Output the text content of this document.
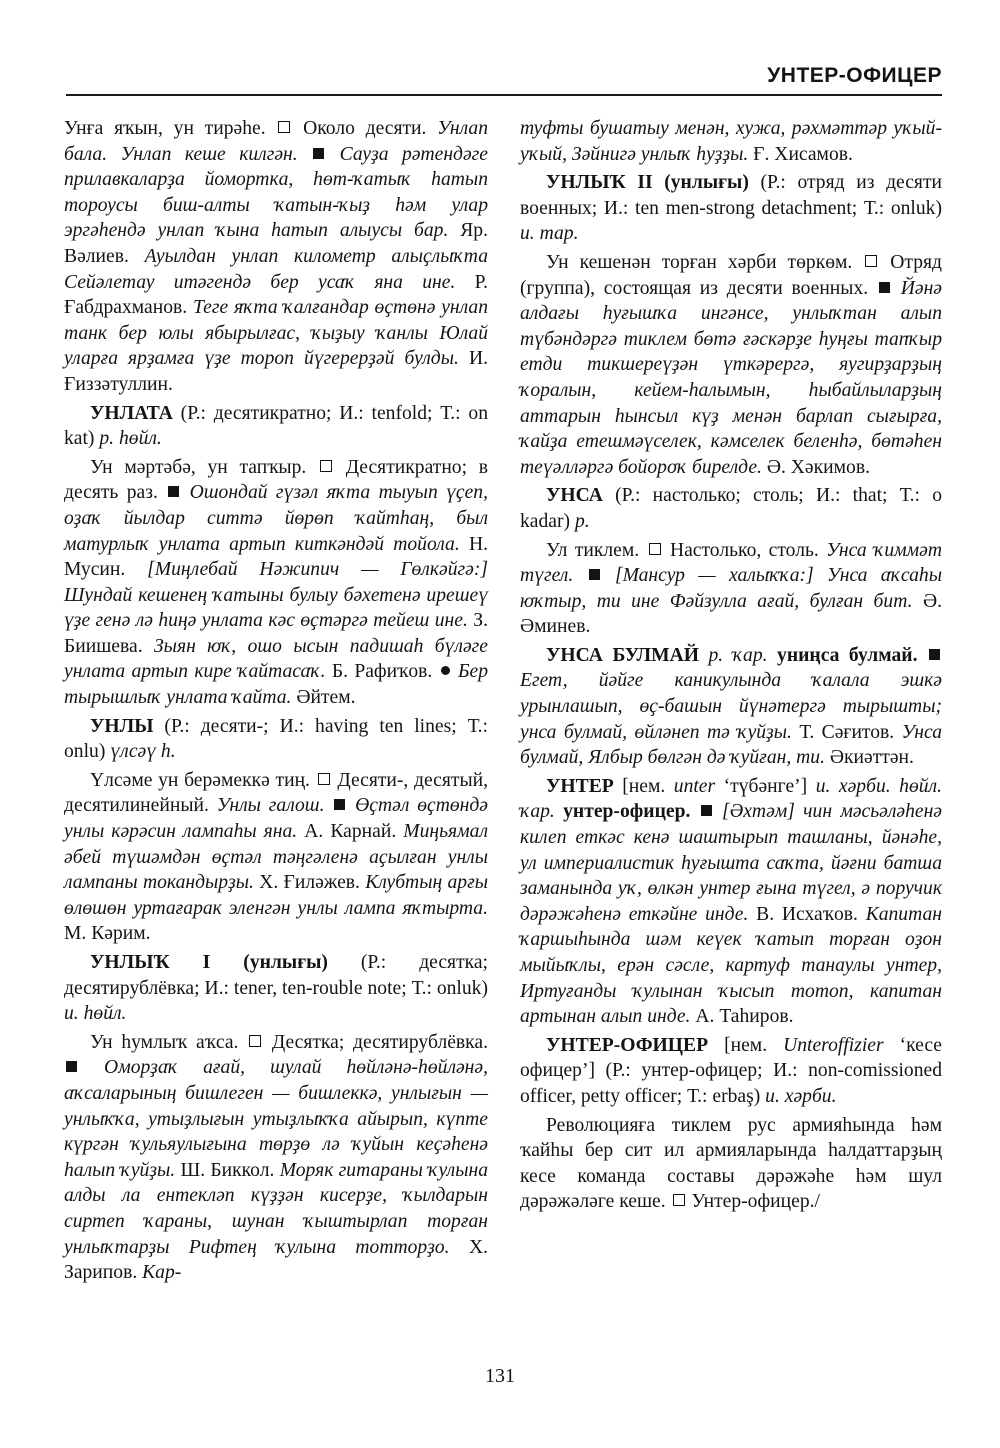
УНТЕР-ОФИЦЕР

Унға яҡын, ун тирәһе.  Около десяти. Унлап бала. Унлап кеше килгән.  Сауҙа рәтендәге прилавкаларҙа йоморткa, һөт-ҡатыҡ һатып тороусы биш-алты ҡатын-ҡыҙ һәм улар эргәһендә унлап ҡына һатып алыусы бар. Яр. Вәлиев. Ауылдан унлап километр алыҫлыҡта Сейәлетау итәгендә бер усаҡ яна ине. Р. Ғабдрахманов. Теге яҡта ҡалғандар өҫтөнә унлап танк бер юлы ябырылғас, ҡыҙыу ҡанлы Юлай уларға ярҙамға үҙе тороп йүгерерҙәй булды. И. Ғиззәтуллин.

УНЛАТА (Р.: десятикратно; И.: tenfold; Т.: on kat) р. һөйл.

Ун мәртәбә, ун тапҡыр.  Десятикратно; в десять раз.  Ошондай гүзәл яҡта тыуып үҫеп, оҙаҡ йылдар ситтә йөрөп ҡайтһаң, был матурлыҡ унлата артып киткәндәй тойола. Н. Мусин. [Миңлебай Нәжипич — Гөлкәйгә:] Шундай кешенең ҡатыны булыу бәхетенә ирешеү үҙе генә лә һиңә унлата кәс өҫтәргә тейеш ине. З. Биишева. Зыян юҡ, ошо ысын падишаһ бүләге унлата артып кире ҡайтасаҡ. Б. Рафиҡов.  Бер тырышлыҡ унлата ҡайта. Әйтем.

УНЛЫ (Р.: десяти-; И.: having ten lines; Т.: onlu) үлсәү һ.

Үлсәме ун берәмеккә тиң.  Десяти-, десятый, десятилинейный. Унлы галош.  Өҫтәл өҫтөндә унлы кәрәсин лампаһы яна. А. Карнай. Миңьямал әбей түшәмдән өҫтәл тәңгәленә аҫылған унлы лампаны токандырҙы. Х. Ғиләжев. Клубтың арғы өлөшөн уртағарак эленгән унлы лампа яҡтырта. М. Кәрим.

УНЛЫҠ I (унлығы) (Р.: десятка; десятирублёвка; И.: tener, ten-rouble note; Т.: onluk) и. һөйл.

Ун һумлыҡ аҡса.  Десятка; десятирублёвка.  Оморҙаҡ ағай, шулай һөйләнә-һөйләнә, аҡсаларының бишлеген — бишлеккә, унлығын — унлыҡҡа, утыҙлығын утыҙлыҡҡа айырып, күпте күргән ҡульяулығына төрҙө лә ҡуйын кеҫәһенә һалып ҡуйҙы. Ш. Биккол. Моряк гитараны ҡулына алды ла ентекләп күҙҙән кисерҙе, ҡылдарын сиртеп ҡараны, шунан ҡыштырлап торған унлыҡтарҙы Рифтең ҡулына тотторҙо. Х. Зарипов. Кар-

туфты бушатыу менән, хужа, рәхмәттәр уҡый-уҡый, Зәйнигә унлыҡ һуҙҙы. Ғ. Хисамов.

УНЛЫҠ II (унлығы) (Р.: отряд из десяти военных; И.: ten men-strong detachment; Т.: onluk) и. тар.

Ун кешенән торған хәрби төркөм.  Отряд (группа), состоящая из десяти военных.  Йәнә алдағы һуғышҡа ингәнсе, унлыҡтан алып түбәндәргә тиклем бөтә ғәскәрҙе һуңғы тапҡыр етди тикшереүҙән үткәрергә, яугирҙарҙың ҡоралын, кейем-һалымын, һыбайлыларҙың аттарын һынсыл күҙ менән барлап сығырға, ҡайҙа етешмәүселек, кәмселек беленһә, бөтәһен теүәлләргә бойороҡ бирелде. Ә. Хәкимов.

УНСА (Р.: настолько; столь; И.: that; Т.: o kadar) р.

Ул тиклем.  Настолько, столь. Унса ҡиммәт түгел.  [Мансур — халыҡҡа:] Унса аҡсаһы юҡтыр, ти ине Фәйзулла ағай, булған бит. Ә. Әминев.

УНСА БУЛМАЙ р. ҡар. униңса булмай.  Егет, йәйге каникулында ҡалала эшкә урынлашып, өҫ-башын йүнәтергә тырышты; унса булмай, өйләнеп тә ҡуйҙы. Т. Сәғитов. Унса булмай, Ялбыр бөлгән дә ҡуйған, ти. Әкиәттән.

УНТЕР [нем. unter ‘түбәнге’] и. хәрби. һөйл. ҡар. унтер-офицер.  [Әхтәм] чин мәсьәләһенә килеп еткәс кенә шаштырып ташланы, йәнәһе, ул империалистик һуғышта саҡта, йәғни батша заманында уҡ, өлкән унтер ғына түгел, ә поручик дәрәжәһенә еткәйне инде. В. Исхаҡов. Капитан ҡаршыһында шәм кеүек ҡатып торған оҙон мыйыҡлы, ерән сәсле, картуф танаулы унтер, Иртуғанды ҡулынан ҡысып тотоп, капитан артынан алып инде. А. Таһиров.

УНТЕР-ОФИЦЕР [нем. Unteroffizier ‘кесе офицер’] (Р.: унтер-офицер; И.: non-comissioned officer, petty officer; Т.: erbaş) и. хәрби.

Революцияға тиклем рус армияһында һәм ҡайһы бер сит ил армияларында һалдаттарҙың кесе команда составы дәрәжәһе һәм шул дәрәжәләге кеше.  Унтер-офицер./

131
